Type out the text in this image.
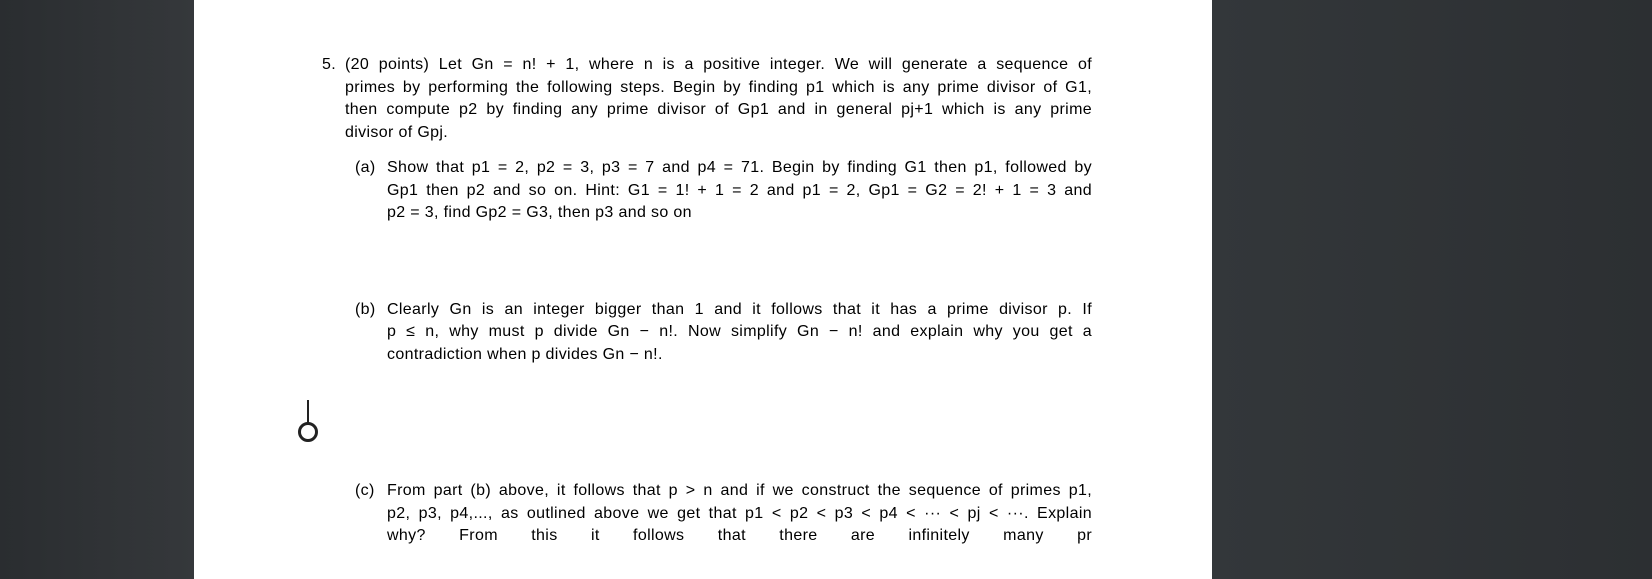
5. (20 points) Let Gn = n! + 1, where n is a positive integer. We will generate a sequence of
primes by performing the following steps. Begin by finding p1 which is any prime divisor of G1,
then compute p2 by finding any prime divisor of Gp1 and in general pj+1 which is any prime
divisor of Gpj.
(a) Show that p1 = 2, p2 = 3, p3 = 7 and p4 = 71. Begin by finding G1 then p1, followed by
Gp1 then p2 and so on. Hint: G1 = 1! + 1 = 2 and p1 = 2, Gp1 = G2 = 2! + 1 = 3 and
p2 = 3, find Gp2 = G3, then p3 and so on
(b) Clearly Gn is an integer bigger than 1 and it follows that it has a prime divisor p. If
p ≤ n, why must p divide Gn − n!. Now simplify Gn − n! and explain why you get a
contradiction when p divides Gn − n!.
(c) From part (b) above, it follows that p > n and if we construct the sequence of primes p1,
p2, p3, p4,..., as outlined above we get that p1 < p2 < p3 < p4 < ··· < pj < ···. Explain
why? From this it follows that there are infinitely many pr
